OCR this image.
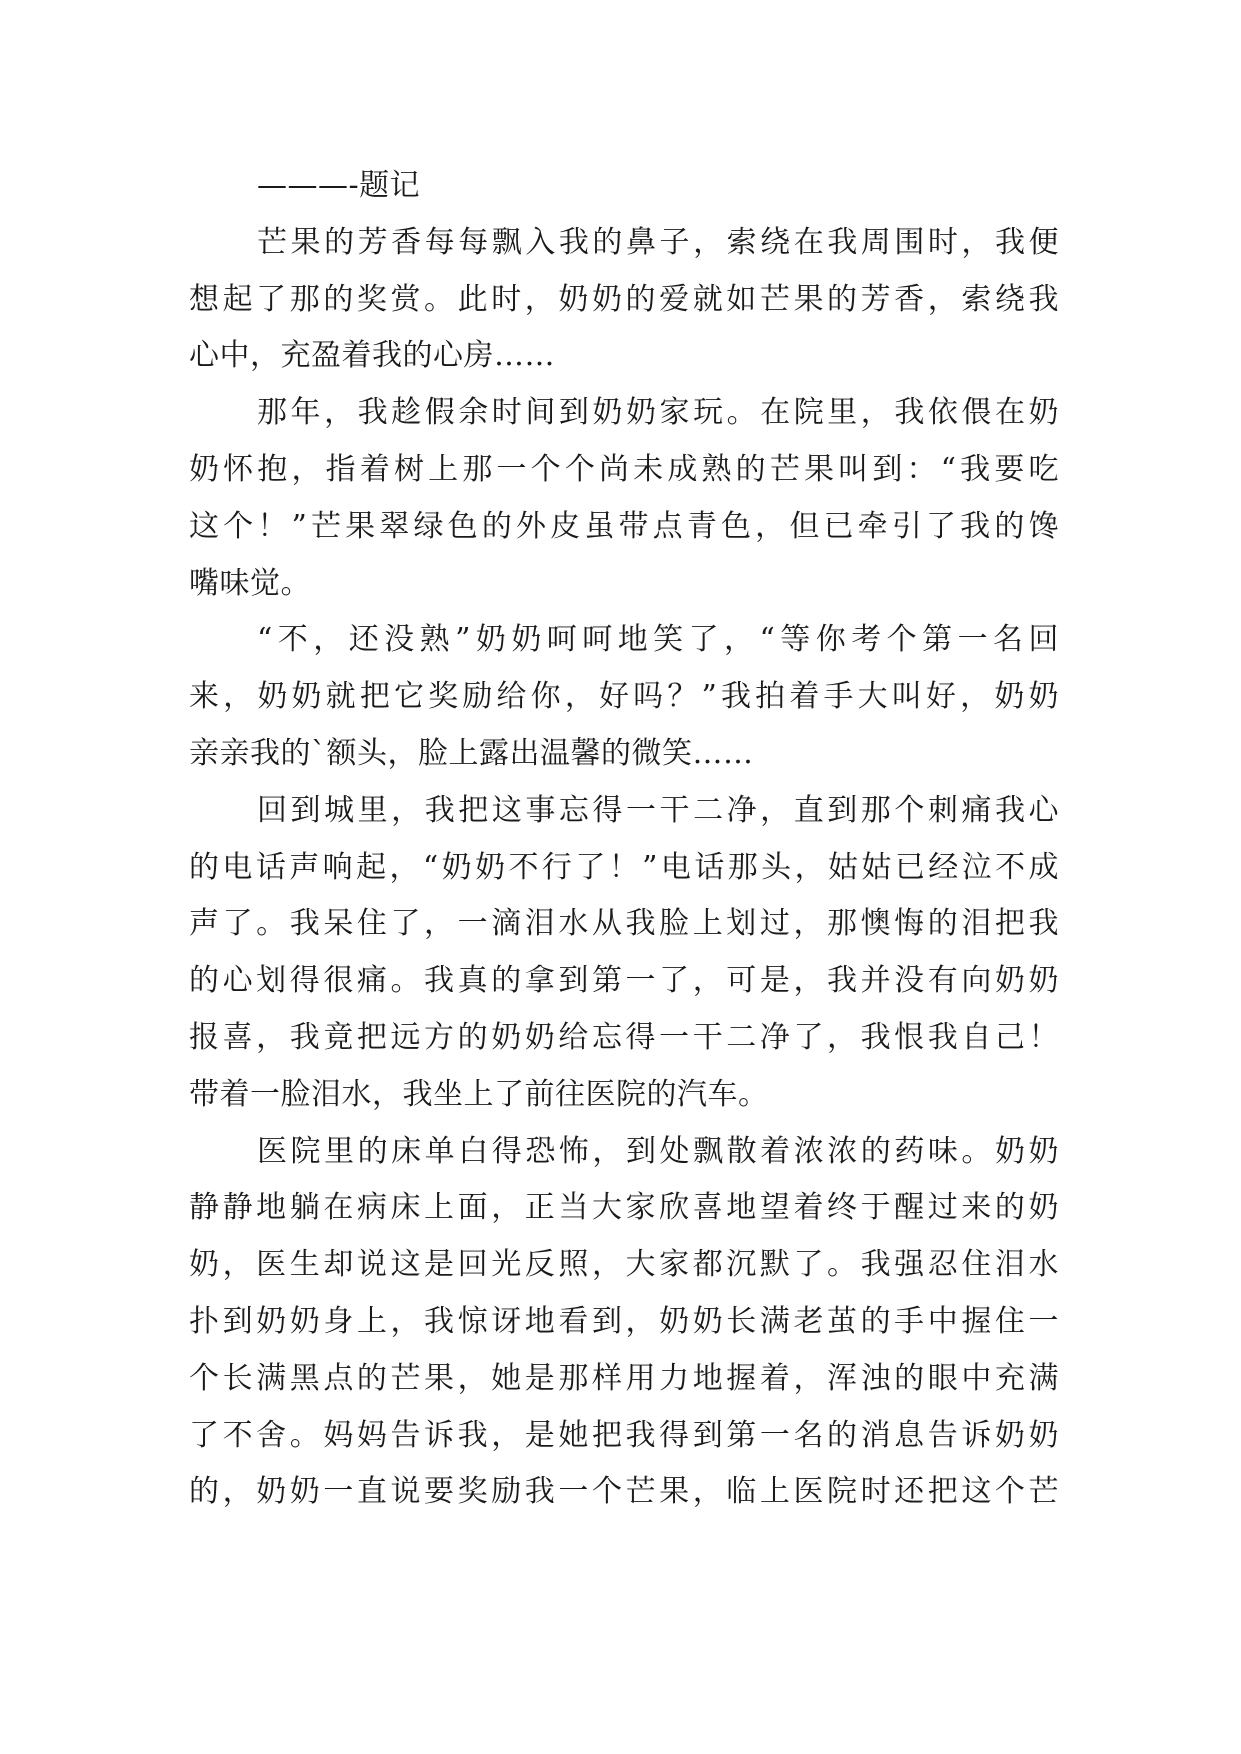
———-题记
芒果的芳香每每飘入我的鼻子，索绕在我周围时，我便
想起了那的奖赏。此时，奶奶的爱就如芒果的芳香，索绕我
心中，充盈着我的心房……
那年，我趁假余时间到奶奶家玩。在院里，我依偎在奶
奶怀抱，指着树上那一个个尚未成熟的芒果叫到：“我要吃
这个！”芒果翠绿色的外皮虽带点青色，但已牵引了我的馋
嘴味觉。
“不，还没熟”奶奶呵呵地笑了，“等你考个第一名回
来，奶奶就把它奖励给你，好吗？”我拍着手大叫好，奶奶
亲亲我的`额头，脸上露出温馨的微笑……
回到城里，我把这事忘得一干二净，直到那个刺痛我心
的电话声响起，“奶奶不行了！”电话那头，姑姑已经泣不成
声了。我呆住了，一滴泪水从我脸上划过，那懊悔的泪把我
的心划得很痛。我真的拿到第一了，可是，我并没有向奶奶
报喜，我竟把远方的奶奶给忘得一干二净了，我恨我自己！
带着一脸泪水，我坐上了前往医院的汽车。
医院里的床单白得恐怖，到处飘散着浓浓的药味。奶奶
静静地躺在病床上面，正当大家欣喜地望着终于醒过来的奶
奶，医生却说这是回光反照，大家都沉默了。我强忍住泪水
扑到奶奶身上，我惊讶地看到，奶奶长满老茧的手中握住一
个长满黑点的芒果，她是那样用力地握着，浑浊的眼中充满
了不舍。妈妈告诉我，是她把我得到第一名的消息告诉奶奶
的，奶奶一直说要奖励我一个芒果，临上医院时还把这个芒
